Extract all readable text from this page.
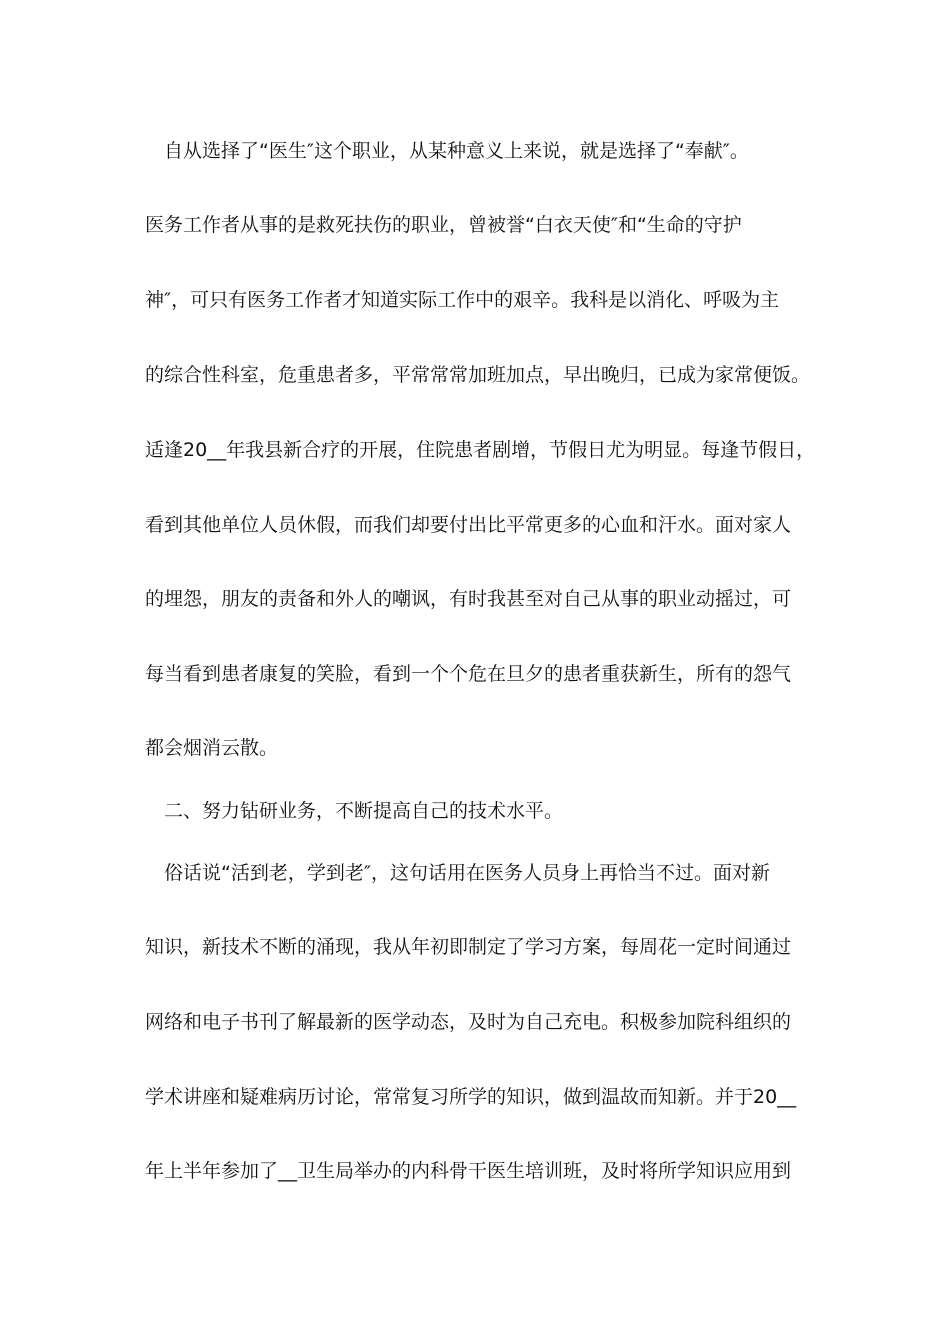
自从选择了“医生″这个职业，从某种意义上来说，就是选择了“奉献″。
医务工作者从事的是救死扶伤的职业，曾被誉“白衣天使″和“生命的守护
神″，可只有医务工作者才知道实际工作中的艰辛。我科是以消化、呼吸为主
的综合性科室，危重患者多，平常常常加班加点，早出晚归，已成为家常便饭。
适逢20__年我县新合疗的开展，住院患者剧增，节假日尤为明显。每逢节假日，
看到其他单位人员休假，而我们却要付出比平常更多的心血和汗水。面对家人
的埋怨，朋友的责备和外人的嘲讽，有时我甚至对自己从事的职业动摇过，可
每当看到患者康复的笑脸，看到一个个危在旦夕的患者重获新生，所有的怨气
都会烟消云散。
二、努力钻研业务，不断提高自己的技术水平。
俗话说“活到老，学到老″，这句话用在医务人员身上再恰当不过。面对新
知识，新技术不断的涌现，我从年初即制定了学习方案，每周花一定时间通过
网络和电子书刊了解最新的医学动态，及时为自己充电。积极参加院科组织的
学术讲座和疑难病历讨论，常常复习所学的知识，做到温故而知新。并于20__
年上半年参加了__卫生局举办的内科骨干医生培训班，及时将所学知识应用到
